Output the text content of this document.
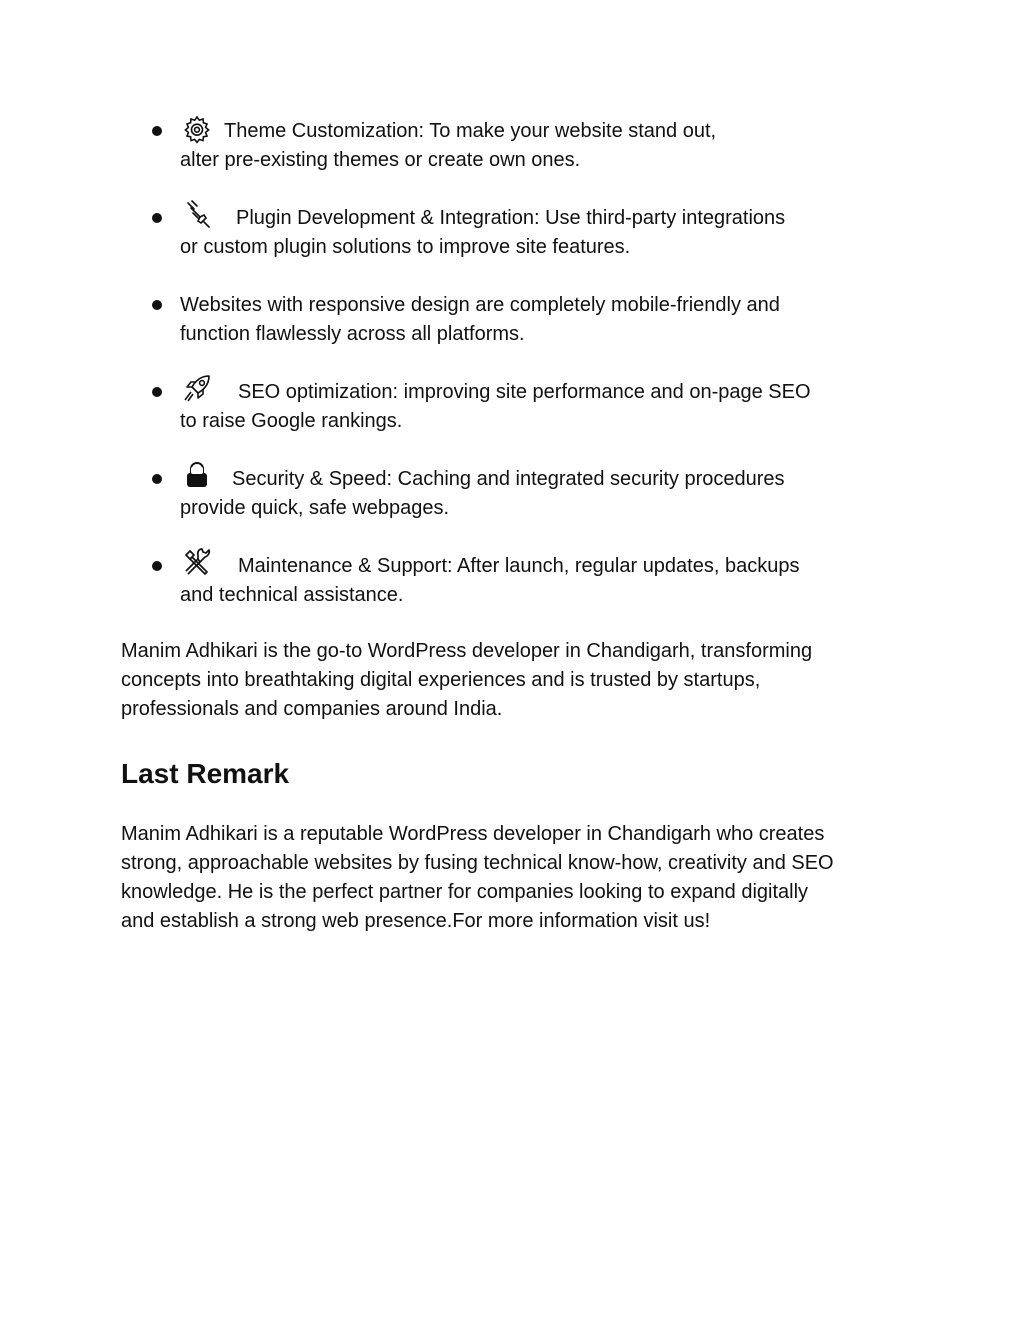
Theme Customization: To make your website stand out,
alter pre-existing themes or create own ones.
Plugin Development & Integration: Use third-party integrations
or custom plugin solutions to improve site features.
Websites with responsive design are completely mobile-friendly and
function flawlessly across all platforms.
SEO optimization: improving site performance and on-page SEO
to raise Google rankings.
Security & Speed: Caching and integrated security procedures
provide quick, safe webpages.
Maintenance & Support: After launch, regular updates, backups
and technical assistance.
Manim Adhikari is the go-to WordPress developer in Chandigarh, transforming
concepts into breathtaking digital experiences and is trusted by startups,
professionals and companies around India.
Last Remark
Manim Adhikari is a reputable WordPress developer in Chandigarh who creates
strong, approachable websites by fusing technical know-how, creativity and SEO
knowledge. He is the perfect partner for companies looking to expand digitally
and establish a strong web presence.For more information visit us!
